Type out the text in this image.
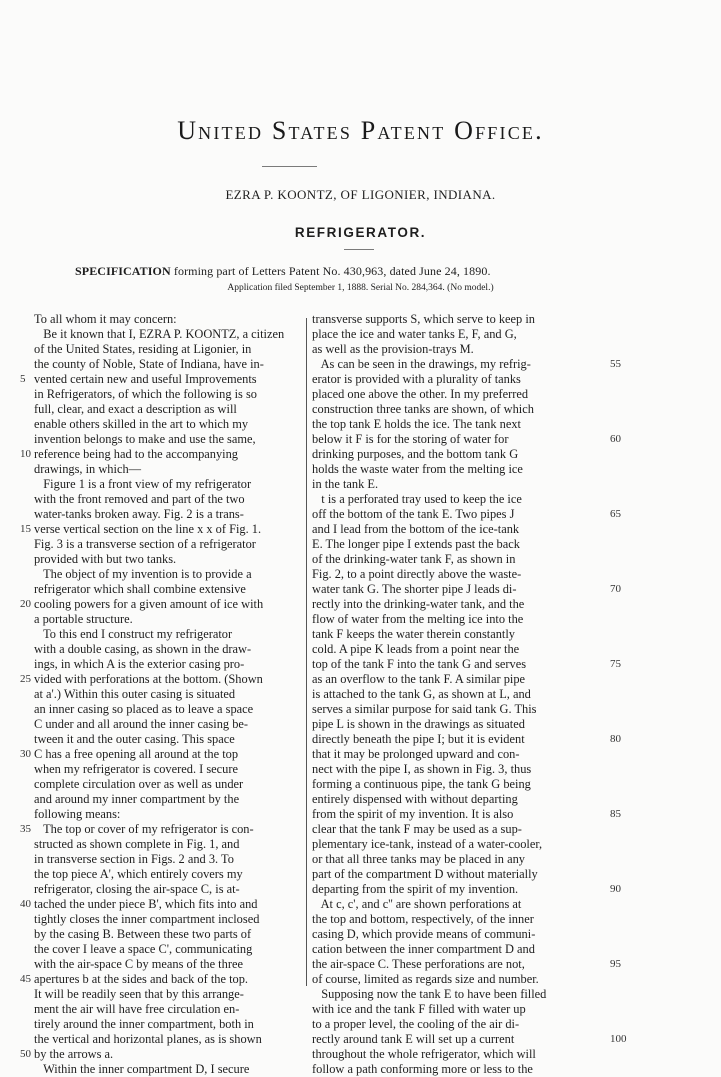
United States Patent Office.
EZRA P. KOONTZ, OF LIGONIER, INDIANA.
REFRIGERATOR.
SPECIFICATION forming part of Letters Patent No. 430,963, dated June 24, 1890.
Application filed September 1, 1888. Serial No. 284,364. (No model.)
To all whom it may concern:
Be it known that I, EZRA P. KOONTZ, a citizen
of the United States, residing at Ligonier, in
the county of Noble, State of Indiana, have in-
vented certain new and useful Improvements
5
in Refrigerators, of which the following is so
full, clear, and exact a description as will
enable others skilled in the art to which my
invention belongs to make and use the same,
reference being had to the accompanying
10
drawings, in which—
Figure 1 is a front view of my refrigerator
with the front removed and part of the two
water-tanks broken away. Fig. 2 is a trans-
verse vertical section on the line x x of Fig. 1.
15
Fig. 3 is a transverse section of a refrigerator
provided with but two tanks.
The object of my invention is to provide a
refrigerator which shall combine extensive
cooling powers for a given amount of ice with
20
a portable structure.
To this end I construct my refrigerator
with a double casing, as shown in the draw-
ings, in which A is the exterior casing pro-
vided with perforations at the bottom. (Shown
25
at a'.) Within this outer casing is situated
an inner casing so placed as to leave a space
C under and all around the inner casing be-
tween it and the outer casing. This space
C has a free opening all around at the top
30
when my refrigerator is covered. I secure
complete circulation over as well as under
and around my inner compartment by the
following means:
The top or cover of my refrigerator is con-
35
structed as shown complete in Fig. 1, and
in transverse section in Figs. 2 and 3. To
the top piece A', which entirely covers my
refrigerator, closing the air-space C, is at-
tached the under piece B', which fits into and
40
tightly closes the inner compartment inclosed
by the casing B. Between these two parts of
the cover I leave a space C', communicating
with the air-space C by means of the three
apertures b at the sides and back of the top.
45
It will be readily seen that by this arrange-
ment the air will have free circulation en-
tirely around the inner compartment, both in
the vertical and horizontal planes, as is shown
by the arrows a.
50
Within the inner compartment D, I secure
transverse supports S, which serve to keep in
place the ice and water tanks E, F, and G,
as well as the provision-trays M.
As can be seen in the drawings, my refrig-	55
erator is provided with a plurality of tanks
placed one above the other. In my preferred
construction three tanks are shown, of which
the top tank E holds the ice. The tank next
below it F is for the storing of water for	60
drinking purposes, and the bottom tank G
holds the waste water from the melting ice
in the tank E.
t is a perforated tray used to keep the ice
off the bottom of the tank E. Two pipes J	65
and I lead from the bottom of the ice-tank
E. The longer pipe I extends past the back
of the drinking-water tank F, as shown in
Fig. 2, to a point directly above the waste-
water tank G. The shorter pipe J leads di-	70
rectly into the drinking-water tank, and the
flow of water from the melting ice into the
tank F keeps the water therein constantly
cold. A pipe K leads from a point near the
top of the tank F into the tank G and serves	75
as an overflow to the tank F. A similar pipe
is attached to the tank G, as shown at L, and
serves a similar purpose for said tank G. This
pipe L is shown in the drawings as situated
directly beneath the pipe I; but it is evident	80
that it may be prolonged upward and con-
nect with the pipe I, as shown in Fig. 3, thus
forming a continuous pipe, the tank G being
entirely dispensed with without departing
from the spirit of my invention. It is also	85
clear that the tank F may be used as a sup-
plementary ice-tank, instead of a water-cooler,
or that all three tanks may be placed in any
part of the compartment D without materially
departing from the spirit of my invention.	90
At c, c', and c'' are shown perforations at
the top and bottom, respectively, of the inner
casing D, which provide means of communi-
cation between the inner compartment D and
the air-space C. These perforations are not,	95
of course, limited as regards size and number.
Supposing now the tank E to have been filled
with ice and the tank F filled with water up
to a proper level, the cooling of the air di-
rectly around tank E will set up a current	100
throughout the whole refrigerator, which will
follow a path conforming more or less to the
